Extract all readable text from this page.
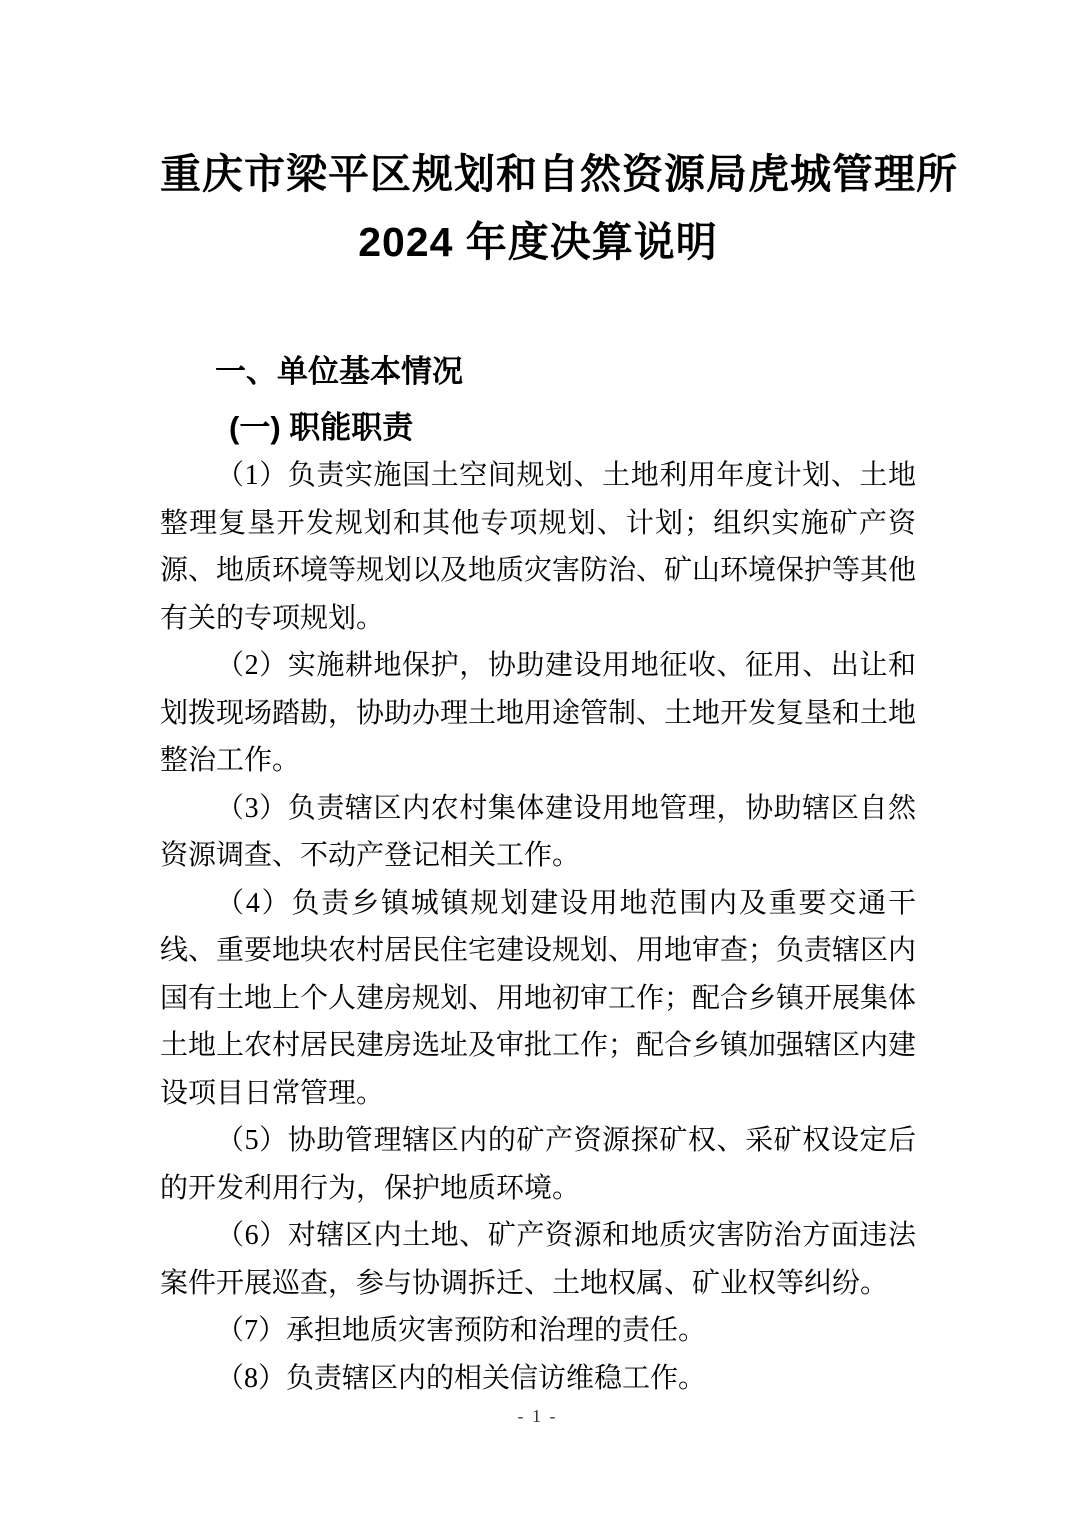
重庆市梁平区规划和自然资源局虎城管理所
2024 年度决算说明
一、单位基本情况
(一) 职能职责

（1）负责实施国土空间规划、土地利用年度计划、土地整理复垦开发规划和其他专项规划、计划；组织实施矿产资源、地质环境等规划以及地质灾害防治、矿山环境保护等其他有关的专项规划。

（2）实施耕地保护，协助建设用地征收、征用、出让和划拨现场踏勘，协助办理土地用途管制、土地开发复垦和土地整治工作。

（3）负责辖区内农村集体建设用地管理，协助辖区自然资源调查、不动产登记相关工作。

（4）负责乡镇城镇规划建设用地范围内及重要交通干线、重要地块农村居民住宅建设规划、用地审查；负责辖区内国有土地上个人建房规划、用地初审工作；配合乡镇开展集体土地上农村居民建房选址及审批工作；配合乡镇加强辖区内建设项目日常管理。

（5）协助管理辖区内的矿产资源探矿权、采矿权设定后的开发利用行为，保护地质环境。

（6）对辖区内土地、矿产资源和地质灾害防治方面违法案件开展巡查，参与协调拆迁、土地权属、矿业权等纠纷。

（7）承担地质灾害预防和治理的责任。

（8）负责辖区内的相关信访维稳工作。

- 1 -
